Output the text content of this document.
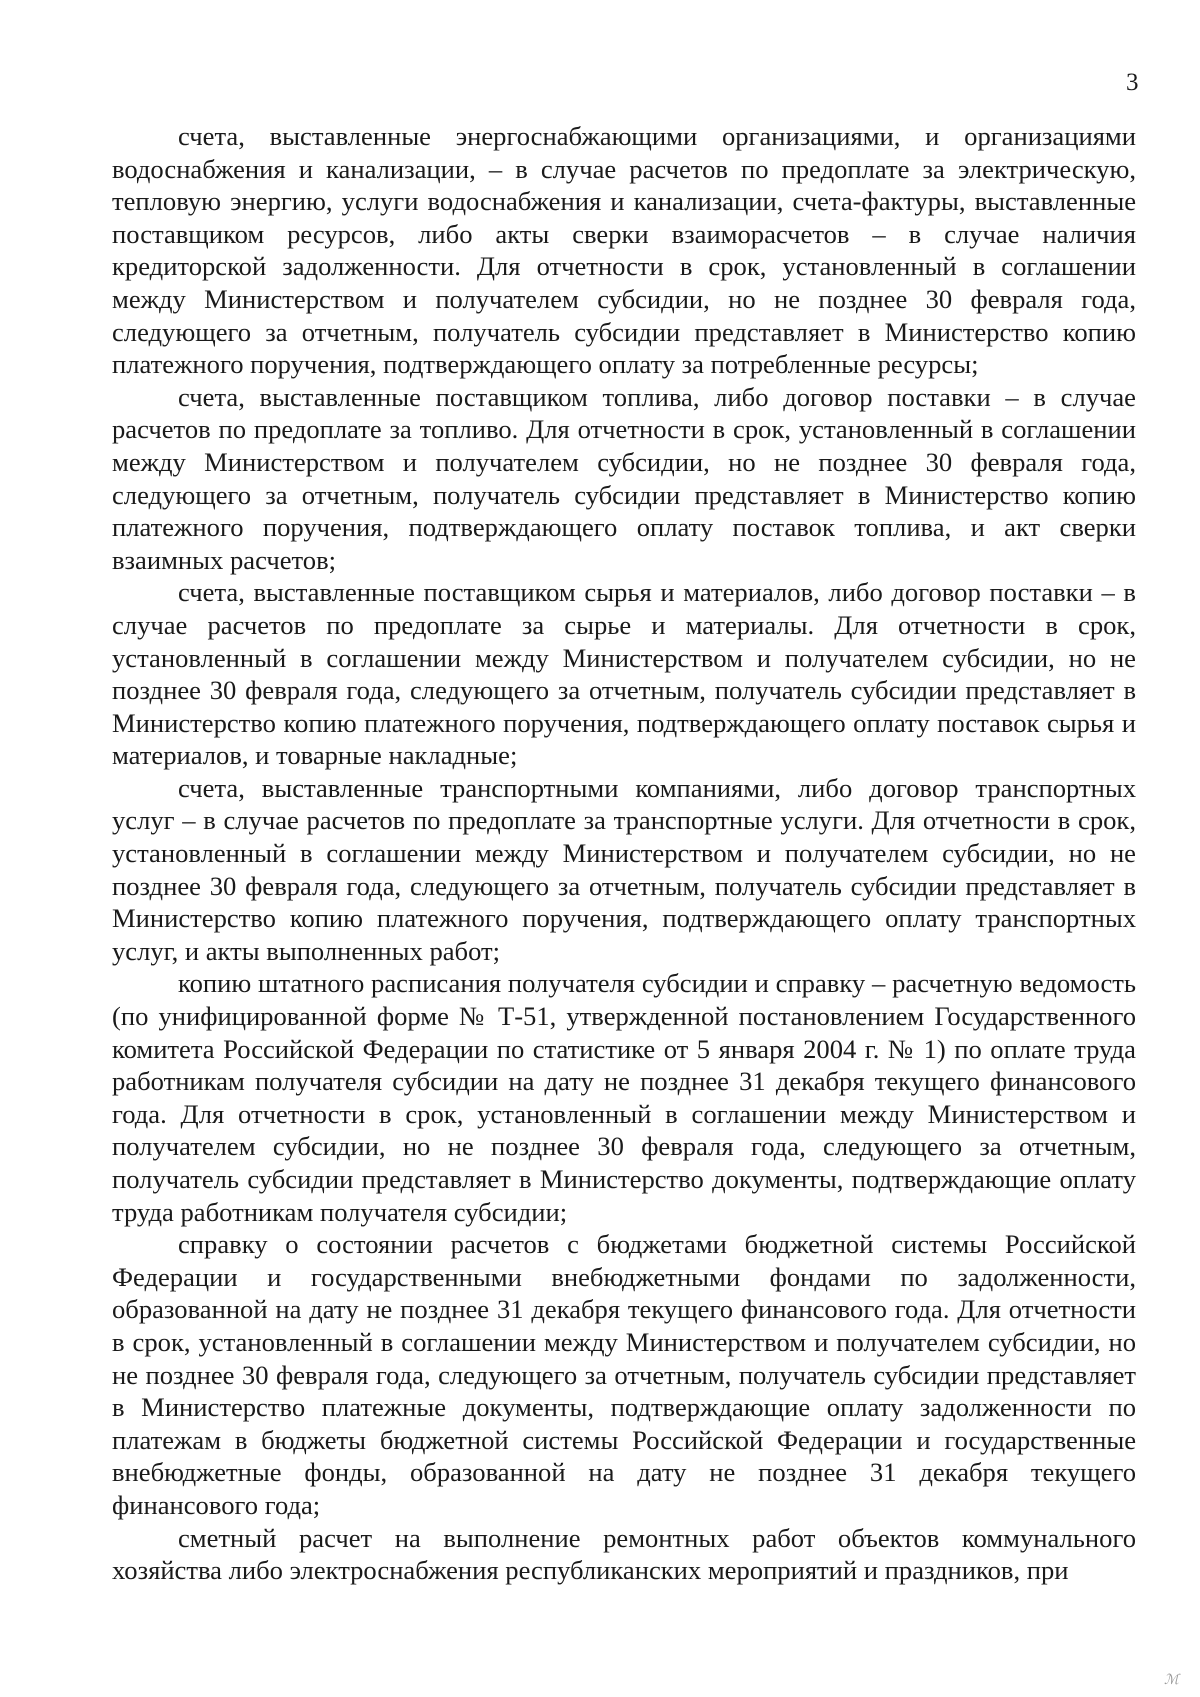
3

счета, выставленные энергоснабжающими организациями, и организациями водоснабжения и канализации, – в случае расчетов по предоплате за электрическую, тепловую энергию, услуги водоснабжения и канализации, счета-фактуры, выставленные поставщиком ресурсов, либо акты сверки взаиморасчетов – в случае наличия кредиторской задолженности. Для отчетности в срок, установленный в соглашении между Министерством и получателем субсидии, но не позднее 30 февраля года, следующего за отчетным, получатель субсидии представляет в Министерство копию платежного поручения, подтверждающего оплату за потребленные ресурсы;

счета, выставленные поставщиком топлива, либо договор поставки – в случае расчетов по предоплате за топливо. Для отчетности в срок, установленный в соглашении между Министерством и получателем субсидии, но не позднее 30 февраля года, следующего за отчетным, получатель субсидии представляет в Министерство копию платежного поручения, подтверждающего оплату поставок топлива, и акт сверки взаимных расчетов;

счета, выставленные поставщиком сырья и материалов, либо договор поставки – в случае расчетов по предоплате за сырье и материалы. Для отчетности в срок, установленный в соглашении между Министерством и получателем субсидии, но не позднее 30 февраля года, следующего за отчетным, получатель субсидии представляет в Министерство копию платежного поручения, подтверждающего оплату поставок сырья и материалов, и товарные накладные;

счета, выставленные транспортными компаниями, либо договор транспортных услуг – в случае расчетов по предоплате за транспортные услуги. Для отчетности в срок, установленный в соглашении между Министерством и получателем субсидии, но не позднее 30 февраля года, следующего за отчетным, получатель субсидии представляет в Министерство копию платежного поручения, подтверждающего оплату транспортных услуг, и акты выполненных работ;

копию штатного расписания получателя субсидии и справку – расчетную ведомость (по унифицированной форме № Т-51, утвержденной постановлением Государственного комитета Российской Федерации по статистике от 5 января 2004 г. № 1) по оплате труда работникам получателя субсидии на дату не позднее 31 декабря текущего финансового года. Для отчетности в срок, установленный в соглашении между Министерством и получателем субсидии, но не позднее 30 февраля года, следующего за отчетным, получатель субсидии представляет в Министерство документы, подтверждающие оплату труда работникам получателя субсидии;

справку о состоянии расчетов с бюджетами бюджетной системы Российской Федерации и государственными внебюджетными фондами по задолженности, образованной на дату не позднее 31 декабря текущего финансового года. Для отчетности в срок, установленный в соглашении между Министерством и получателем субсидии, но не позднее 30 февраля года, следующего за отчетным, получатель субсидии представляет в Министерство платежные документы, подтверждающие оплату задолженности по платежам в бюджеты бюджетной системы Российской Федерации и государственные внебюджетные фонды, образованной на дату не позднее 31 декабря текущего финансового года;

сметный расчет на выполнение ремонтных работ объектов коммунального хозяйства либо электроснабжения республиканских мероприятий и праздников, при

ℳ
